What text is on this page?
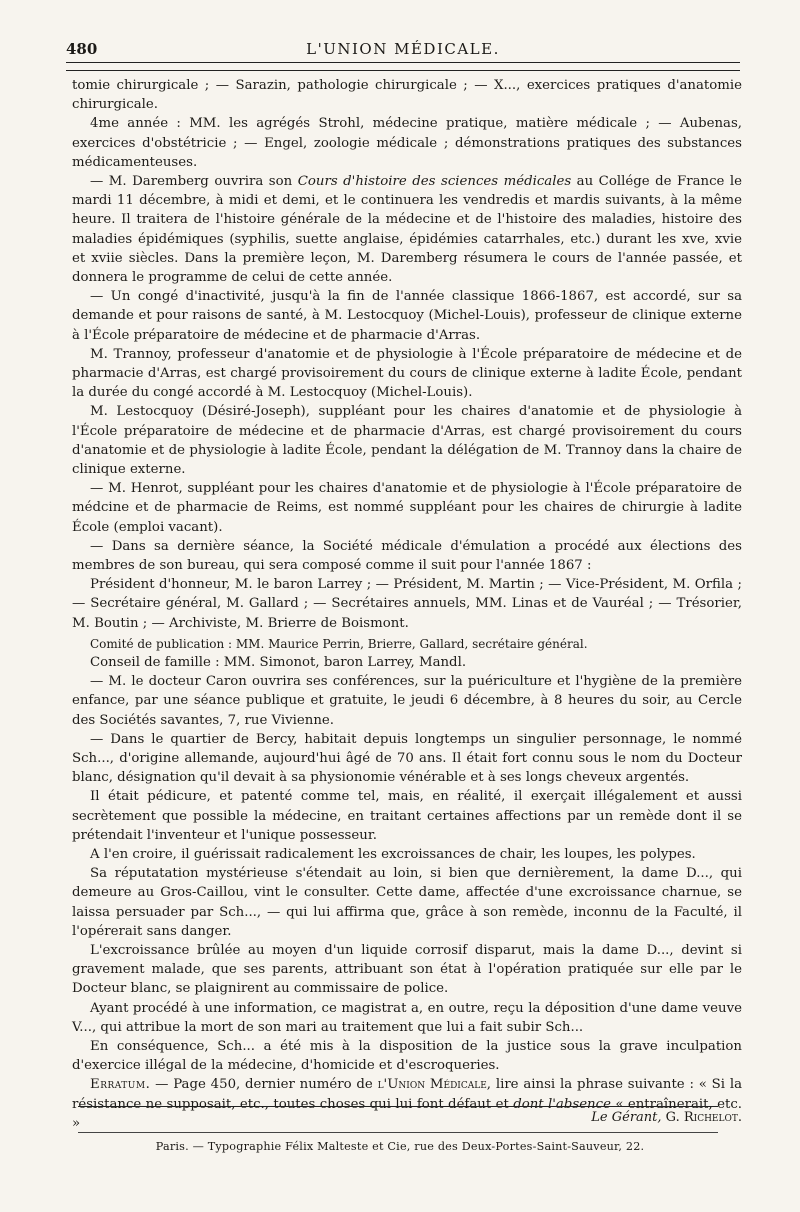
480	L'UNION MÉDICALE.

tomie chirurgicale ; — Sarazin, pathologie chirurgicale ; — X..., exercices pratiques d'anatomie chirurgicale.

4me année : MM. les agrégés Strohl, médecine pratique, matière médicale ; — Aubenas, exercices d'obstétricie ; — Engel, zoologie médicale ; démonstrations pratiques des substances médicamenteuses.

— M. Daremberg ouvrira son Cours d'histoire des sciences médicales au Collége de France le mardi 11 décembre, à midi et demi, et le continuera les vendredis et mardis suivants, à la même heure. Il traitera de l'histoire générale de la médecine et de l'histoire des maladies, histoire des maladies épidémiques (syphilis, suette anglaise, épidémies catarrhales, etc.) durant les xve, xvie et xviie siècles. Dans la première leçon, M. Daremberg résumera le cours de l'année passée, et donnera le programme de celui de cette année.

— Un congé d'inactivité, jusqu'à la fin de l'année classique 1866-1867, est accordé, sur sa demande et pour raisons de santé, à M. Lestocquoy (Michel-Louis), professeur de clinique externe à l'École préparatoire de médecine et de pharmacie d'Arras.

M. Trannoy, professeur d'anatomie et de physiologie à l'École préparatoire de médecine et de pharmacie d'Arras, est chargé provisoirement du cours de clinique externe à ladite École, pendant la durée du congé accordé à M. Lestocquoy (Michel-Louis).

M. Lestocquoy (Désiré-Joseph), suppléant pour les chaires d'anatomie et de physiologie à l'École préparatoire de médecine et de pharmacie d'Arras, est chargé provisoirement du cours d'anatomie et de physiologie à ladite École, pendant la délégation de M. Trannoy dans la chaire de clinique externe.

— M. Henrot, suppléant pour les chaires d'anatomie et de physiologie à l'École préparatoire de médcine et de pharmacie de Reims, est nommé suppléant pour les chaires de chirurgie à ladite École (emploi vacant).

— Dans sa dernière séance, la Société médicale d'émulation a procédé aux élections des membres de son bureau, qui sera composé comme il suit pour l'année 1867 :

Président d'honneur, M. le baron Larrey ; — Président, M. Martin ; — Vice-Président, M. Orfila ; — Secrétaire général, M. Gallard ; — Secrétaires annuels, MM. Linas et de Vauréal ; — Trésorier, M. Boutin ; — Archiviste, M. Brierre de Boismont.

Comité de publication : MM. Maurice Perrin, Brierre, Gallard, secrétaire général.

Conseil de famille : MM. Simonot, baron Larrey, Mandl.

— M. le docteur Caron ouvrira ses conférences, sur la puériculture et l'hygiène de la première enfance, par une séance publique et gratuite, le jeudi 6 décembre, à 8 heures du soir, au Cercle des Sociétés savantes, 7, rue Vivienne.

— Dans le quartier de Bercy, habitait depuis longtemps un singulier personnage, le nommé Sch..., d'origine allemande, aujourd'hui âgé de 70 ans. Il était fort connu sous le nom du Docteur blanc, désignation qu'il devait à sa physionomie vénérable et à ses longs cheveux argentés.

Il était pédicure, et patenté comme tel, mais, en réalité, il exerçait illégalement et aussi secrètement que possible la médecine, en traitant certaines affections par un remède dont il se prétendait l'inventeur et l'unique possesseur.

A l'en croire, il guérissait radicalement les excroissances de chair, les loupes, les polypes.

Sa réputatation mystérieuse s'étendait au loin, si bien que dernièrement, la dame D..., qui demeure au Gros-Caillou, vint le consulter. Cette dame, affectée d'une excroissance charnue, se laissa persuader par Sch..., — qui lui affirma que, grâce à son remède, inconnu de la Faculté, il l'opérerait sans danger.

L'excroissance brûlée au moyen d'un liquide corrosif disparut, mais la dame D..., devint si gravement malade, que ses parents, attribuant son état à l'opération pratiquée sur elle par le Docteur blanc, se plaignirent au commissaire de police.

Ayant procédé à une information, ce magistrat a, en outre, reçu la déposition d'une dame veuve V..., qui attribue la mort de son mari au traitement que lui a fait subir Sch...

En conséquence, Sch... a été mis à la disposition de la justice sous la grave inculpation d'exercice illégal de la médecine, d'homicide et d'escroqueries.

Erratum. — Page 450, dernier numéro de l'Union Médicale, lire ainsi la phrase suivante : « Si la résistance ne supposait, etc., toutes choses qui lui font défaut et dont l'absence « entraînerait, etc. »	Le Gérant, G. Richelot.
Paris. — Typographie Félix Malteste et Cie, rue des Deux-Portes-Saint-Sauveur, 22.
